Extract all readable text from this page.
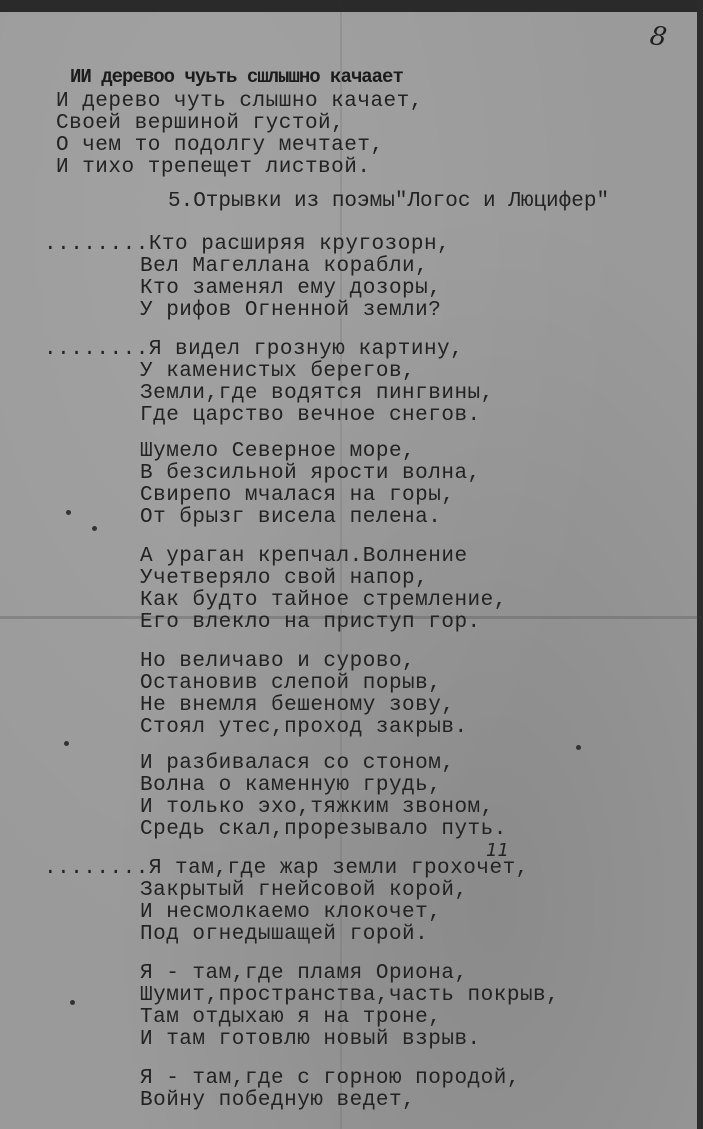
8
ИИ деревоо чуьть сшлышно качаает
И дерево чуть слышно качает,
Своей вершиной густой,
О чем то подолгу мечтает,
И тихо трепещет листвой.
5.Отрывки из поэмы"Логос и Люцифер"
........Кто расширяя кругозорн,
Вел Магеллана корабли,
Кто заменял ему дозоры,
У рифов Огненной земли?
........Я видел грозную картину,
У каменистых берегов,
Земли,где водятся пингвины,
Где царство вечное снегов.
Шумело Северное море,
В безсильной ярости волна,
Свирепо мчалася на горы,
От брызг висела пелена.
А ураган крепчал.Волнение
Учетверяло свой напор,
Как будто тайное стремление,
Его влекло на приступ гор.
Но величаво и сурово,
Остановив слепой порыв,
Не внемля бешеному зову,
Стоял утес,проход закрыв.
И разбивалася со стоном,
Волна о каменную грудь,
И только эхо,тяжким звоном,
Средь скал,прорезывало путь.
........Я там,где жар земли грохочет,
Закрытый гнейсовой корой,
И несмолкаемо клокочет,
Под огнедышащей горой.
Я - там,где пламя Ориона,
Шумит,пространства,часть покрыв,
Там отдыхаю я на троне,
И там готовлю новый взрыв.
Я - там,где с горною породой,
Войну победную ведет,
11
